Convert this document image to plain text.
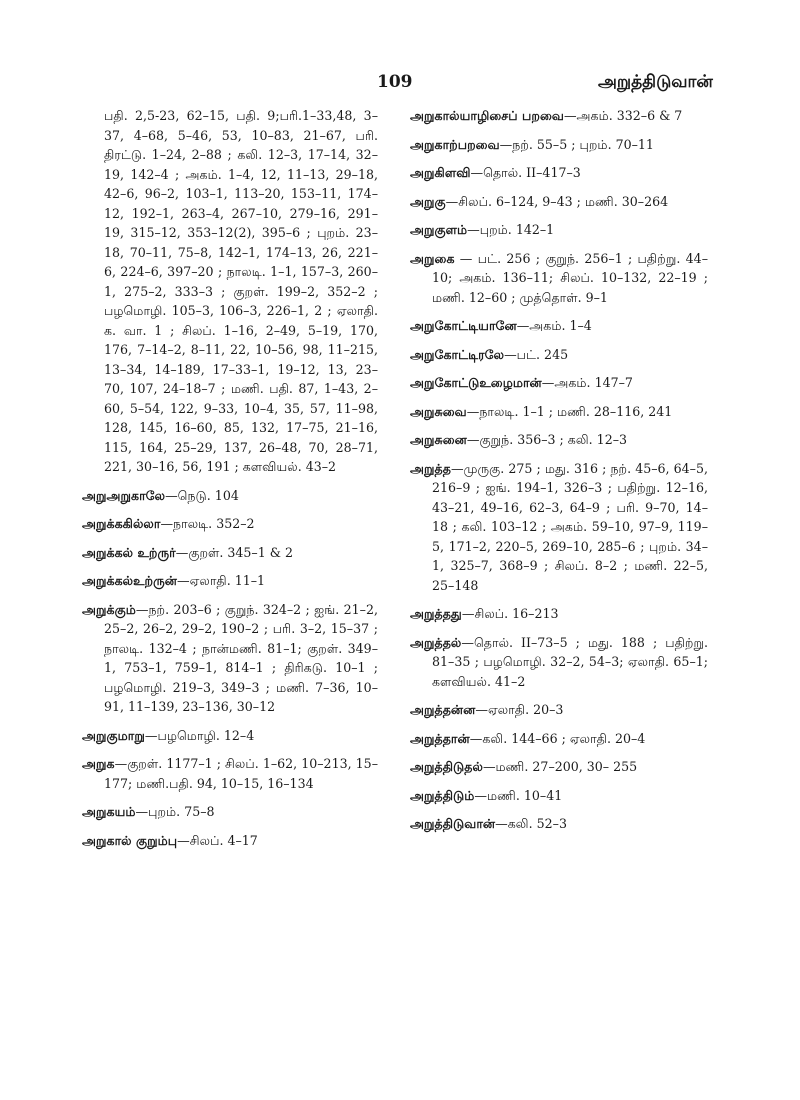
109	அறுத்திடுவான்

பதி. 2,5-23, 62–15, பதி. 9;பரி.1–33,48, 3–37, 4–68, 5–46, 53, 10–83, 21–67, பரி. திரட்டு. 1–24, 2–88 ; கலி. 12–3, 17–14, 32–19, 142–4 ; அகம். 1–4, 12, 11–13, 29–18, 42–6, 96–2, 103–1, 113–20, 153–11, 174–12, 192–1, 263–4, 267–10, 279–16, 291–19, 315–12, 353–12(2), 395–6 ; புறம். 23–18, 70–11, 75–8, 142–1, 174–13, 26, 221–6, 224–6, 397–20 ; நாலடி. 1–1, 157–3, 260–1, 275–2, 333–3 ; குறள். 199–2, 352–2 ; பழமொழி. 105–3, 106–3, 226–1, 2 ; ஏலாதி. க. வா. 1 ; சிலப். 1–16, 2–49, 5–19, 170, 176, 7–14–2, 8–11, 22, 10–56, 98, 11–215, 13–34, 14–189, 17–33–1, 19–12, 13, 23–70, 107, 24–18–7 ; மணி. பதி. 87, 1–43, 2–60, 5–54, 122, 9–33, 10–4, 35, 57, 11–98, 128, 145, 16–60, 85, 132, 17–75, 21–16, 115, 164, 25–29, 137, 26–48, 70, 28–71, 221, 30–16, 56, 191 ; களவியல். 43–2

அறுஅறுகாலே—நெடு. 104

அறுக்ககில்லா—நாலடி. 352–2

அறுக்கல் உற்ருர்—குறள். 345–1 & 2

அறுக்கல்உற்ருன்—ஏலாதி. 11–1

அறுக்கும்—நற். 203–6 ; குறுந். 324–2 ; ஐங். 21–2, 25–2, 26–2, 29–2, 190–2 ; பரி. 3–2, 15–37 ; நாலடி. 132–4 ; நான்மணி. 81–1; குறள். 349–1, 753–1, 759–1, 814–1 ; திரிகடு. 10–1 ; பழமொழி. 219–3, 349–3 ; மணி. 7–36, 10–91, 11–139, 23–136, 30–12

அறுகுமாறு—பழமொழி. 12–4

அறுக—குறள். 1177–1 ; சிலப். 1–62, 10–213, 15–177; மணி.பதி. 94, 10–15, 16–134

அறுகயம்—புறம். 75–8

அறுகால் குறும்பு—சிலப். 4–17

அறுகால்யாழிசைப் பறவை—அகம். 332–6 & 7

அறுகாற்பறவை—நற். 55–5 ; புறம். 70–11

அறுகிளவி—தொல். II–417–3

அறுகு—சிலப். 6–124, 9–43 ; மணி. 30–264

அறுகுளம்—புறம். 142–1

அறுகை — பட். 256 ; குறுந். 256–1 ; பதிற்று. 44–10; அகம். 136–11; சிலப். 10–132, 22–19 ; மணி. 12–60 ; முத்தொள். 9–1

அறுகோட்டியானே—அகம். 1–4

அறுகோட்டிரலே—பட். 245

அறுகோட்டுஉழைமான்—அகம். 147–7

அறுசுவை—நாலடி. 1–1 ; மணி. 28–116, 241

அறுசுனை—குறுந். 356–3 ; கலி. 12–3

அறுத்த—முருகு. 275 ; மது. 316 ; நற். 45–6, 64–5, 216–9 ; ஐங். 194–1, 326–3 ; பதிற்று. 12–16, 43–21, 49–16, 62–3, 64–9 ; பரி. 9–70, 14–18 ; கலி. 103–12 ; அகம். 59–10, 97–9, 119–5, 171–2, 220–5, 269–10, 285–6 ; புறம். 34–1, 325–7, 368–9 ; சிலப். 8–2 ; மணி. 22–5, 25–148

அறுத்தது—சிலப். 16–213

அறுத்தல்—தொல். II–73–5 ; மது. 188 ; பதிற்று. 81–35 ; பழமொழி. 32–2, 54–3; ஏலாதி. 65–1; களவியல். 41–2

அறுத்தன்ன—ஏலாதி. 20–3

அறுத்தான்—கலி. 144–66 ; ஏலாதி. 20–4

அறுத்திடுதல்—மணி. 27–200, 30– 255

அறுத்திடும்—மணி. 10–41

அறுத்திடுவான்—கலி. 52–3
